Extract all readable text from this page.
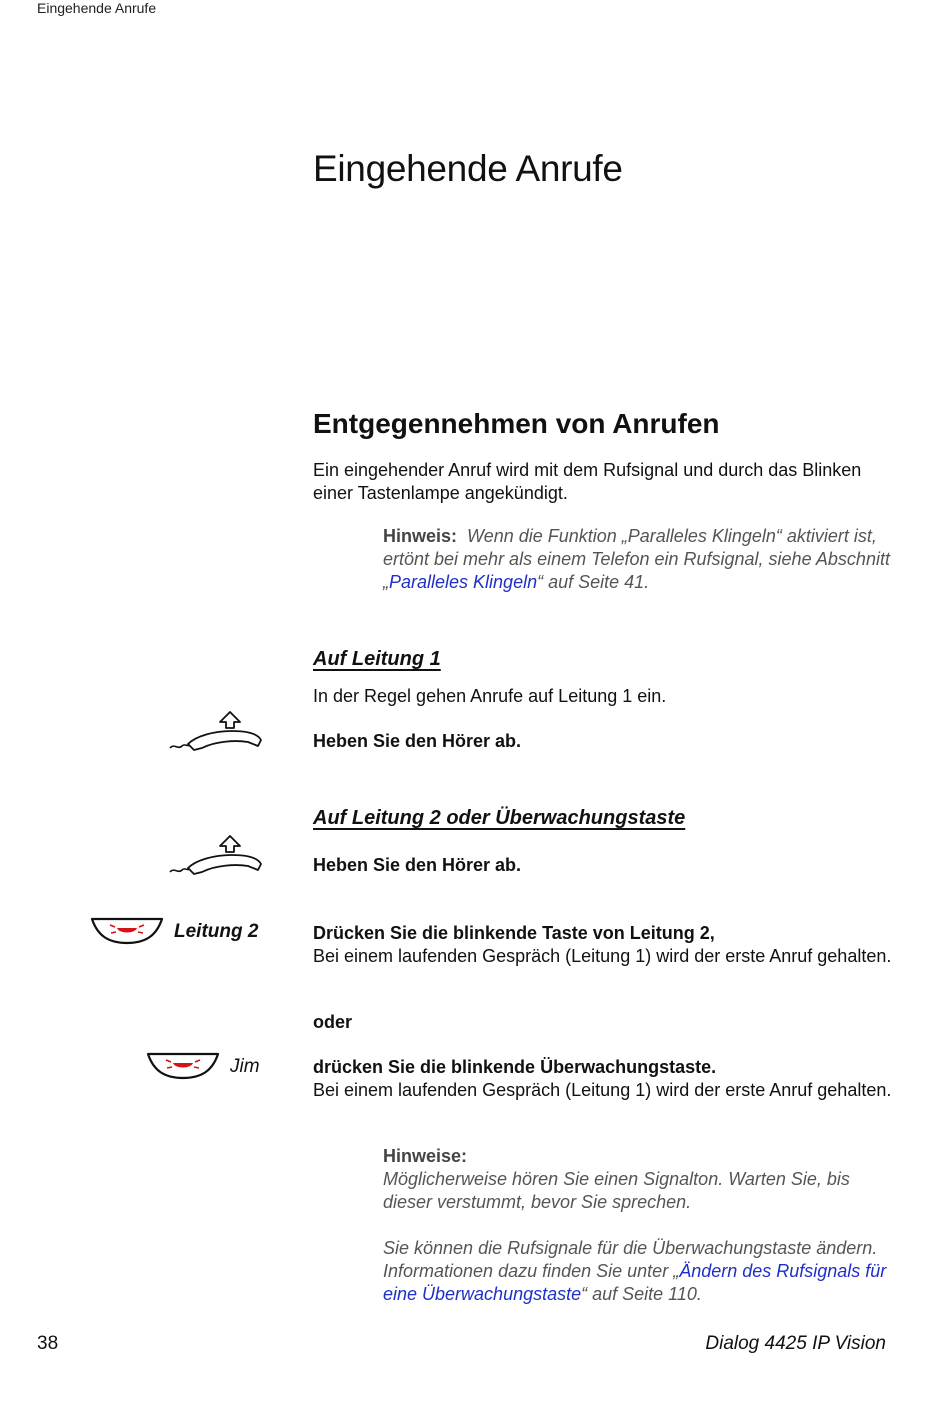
Eingehende Anrufe
Eingehende Anrufe
Entgegennehmen von Anrufen
Ein eingehender Anruf wird mit dem Rufsignal und durch das Blinken einer Tastenlampe angekündigt.
Hinweis: Wenn die Funktion „Paralleles Klingeln“ aktiviert ist, ertönt bei mehr als einem Telefon ein Rufsignal, siehe Abschnitt „Paralleles Klingeln“ auf Seite 41.
Auf Leitung 1
In der Regel gehen Anrufe auf Leitung 1 ein.
Heben Sie den Hörer ab.
Auf Leitung 2 oder Überwachungstaste
Heben Sie den Hörer ab.
Leitung 2	Drücken Sie die blinkende Taste von Leitung 2,
Bei einem laufenden Gespräch (Leitung 1) wird der erste Anruf gehalten.
oder
Jim	drücken Sie die blinkende Überwachungstaste.
Bei einem laufenden Gespräch (Leitung 1) wird der erste Anruf gehalten.
Hinweise:
Möglicherweise hören Sie einen Signalton. Warten Sie, bis dieser verstummt, bevor Sie sprechen.
Sie können die Rufsignale für die Überwachungstaste ändern. Informationen dazu finden Sie unter „Ändern des Rufsignals für eine Überwachungstaste“ auf Seite 110.
38	Dialog 4425 IP Vision
